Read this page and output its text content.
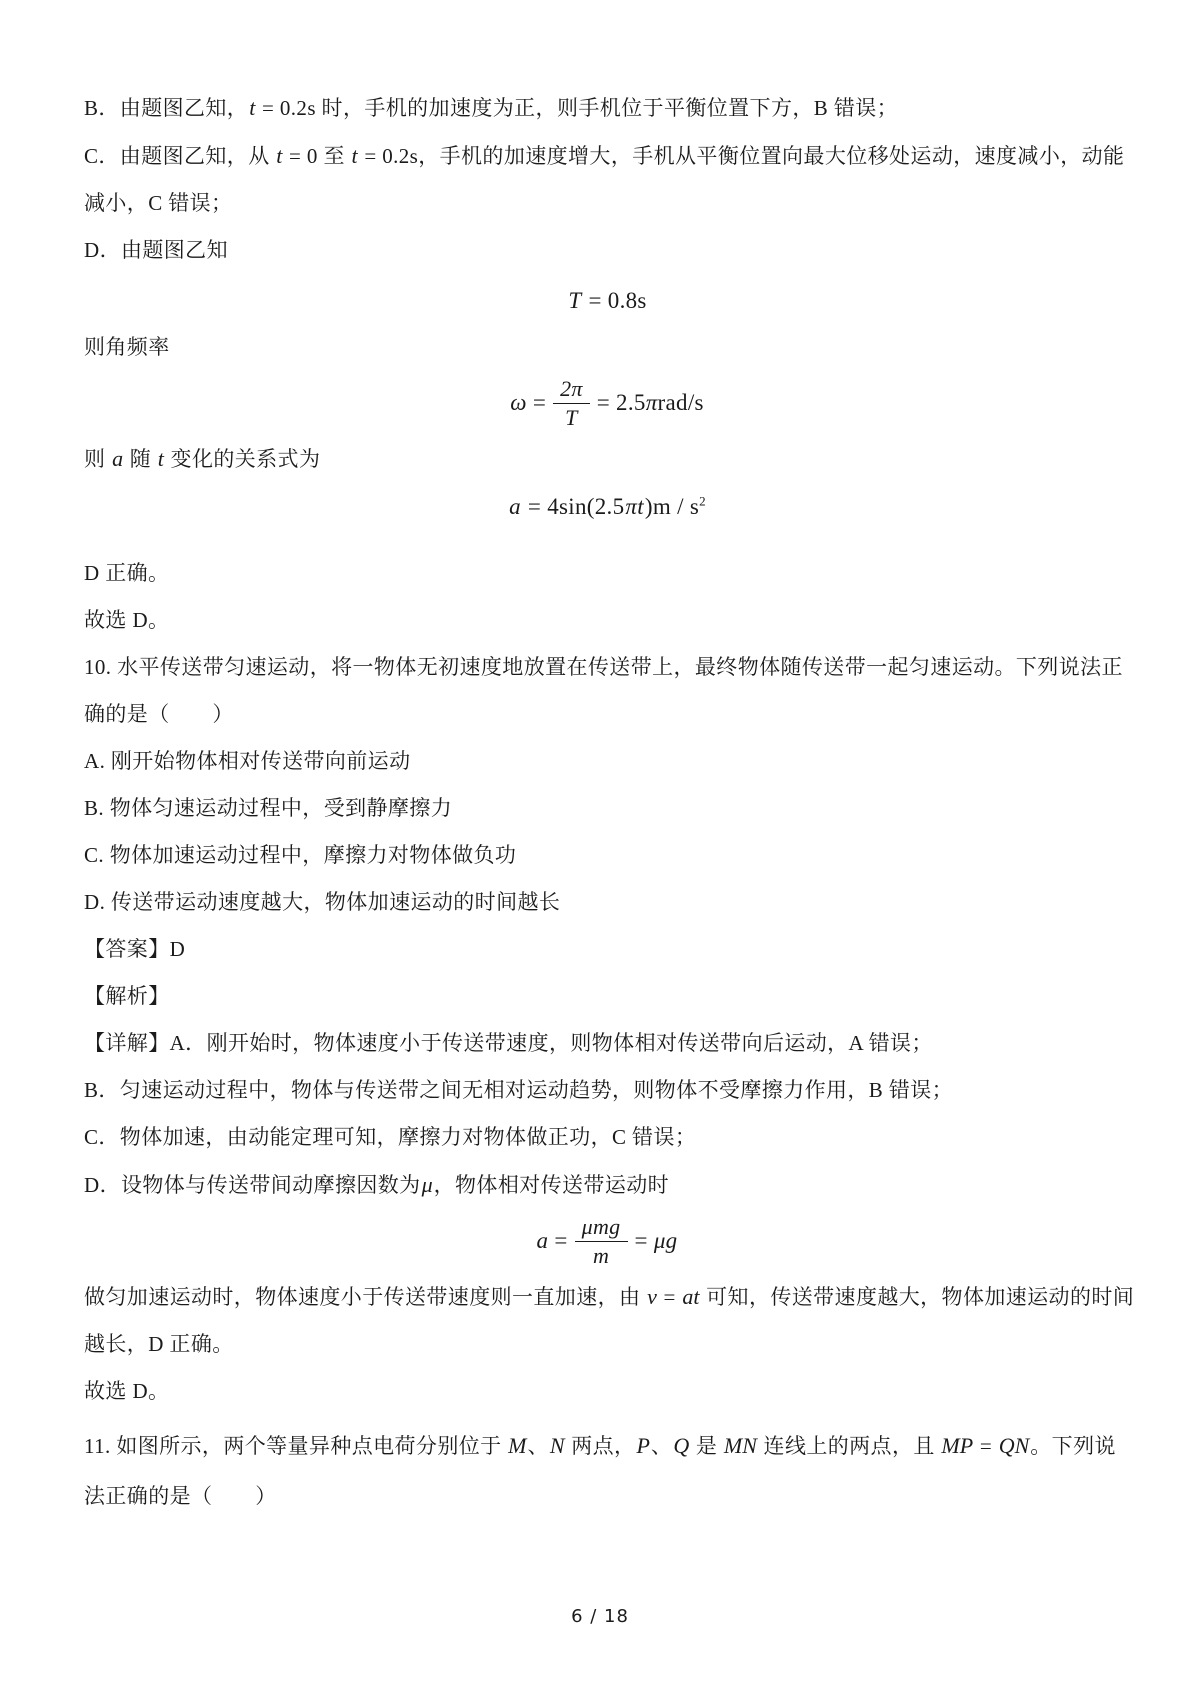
B．由题图乙知，t = 0.2s 时，手机的加速度为正，则手机位于平衡位置下方，B 错误；
C．由题图乙知，从 t = 0 至 t = 0.2s，手机的加速度增大，手机从平衡位置向最大位移处运动，速度减小，动能
减小，C 错误；
D．由题图乙知
T = 0.8s
则角频率
$\omega = \frac{2\pi}{T} = 2.5\pi rad/s$
则 a 随 t 变化的关系式为
$a = 4\sin(2.5\pi t)m / s^2$
D 正确。
故选 D。
10. 水平传送带匀速运动，将一物体无初速度地放置在传送带上，最终物体随传送带一起匀速运动。下列说法正
确的是（　　）
A. 刚开始物体相对传送带向前运动
B. 物体匀速运动过程中，受到静摩擦力
C. 物体加速运动过程中，摩擦力对物体做负功
D. 传送带运动速度越大，物体加速运动的时间越长
【答案】D
【解析】
【详解】A．刚开始时，物体速度小于传送带速度，则物体相对传送带向后运动，A 错误；
B．匀速运动过程中，物体与传送带之间无相对运动趋势，则物体不受摩擦力作用，B 错误；
C．物体加速，由动能定理可知，摩擦力对物体做正功，C 错误；
D．设物体与传送带间动摩擦因数为μ，物体相对传送带运动时
$a = \frac{\text{μmg}}{m} = \mu g$
做匀加速运动时，物体速度小于传送带速度则一直加速，由 v = at 可知，传送带速度越大，物体加速运动的时间
越长，D 正确。
故选 D。
11. 如图所示，两个等量异种点电荷分别位于 M、N 两点，P、Q 是 MN 连线上的两点，且 MP = QN。下列说
法正确的是（　　）
6 / 18
